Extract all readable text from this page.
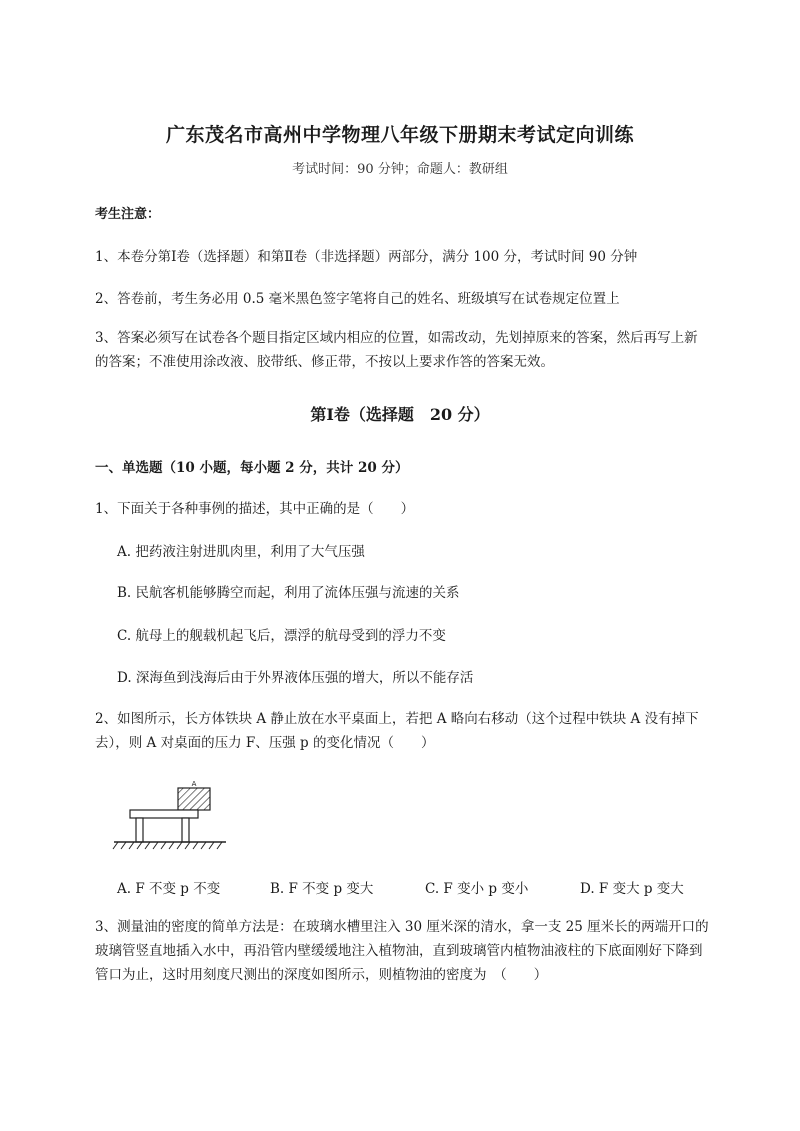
广东茂名市高州中学物理八年级下册期末考试定向训练
考试时间：90 分钟；命题人：教研组
考生注意：
1、本卷分第Ⅰ卷（选择题）和第Ⅱ卷（非选择题）两部分，满分 100 分，考试时间 90 分钟
2、答卷前，考生务必用 0.5 毫米黑色签字笔将自己的姓名、班级填写在试卷规定位置上
3、答案必须写在试卷各个题目指定区域内相应的位置，如需改动，先划掉原来的答案，然后再写上新的答案；不准使用涂改液、胶带纸、修正带，不按以上要求作答的答案无效。
第Ⅰ卷（选择题　20 分）
一、单选题（10 小题，每小题 2 分，共计 20 分）
1、下面关于各种事例的描述，其中正确的是（　　）
A. 把药液注射进肌肉里，利用了大气压强
B. 民航客机能够腾空而起，利用了流体压强与流速的关系
C. 航母上的舰载机起飞后，漂浮的航母受到的浮力不变
D. 深海鱼到浅海后由于外界液体压强的增大，所以不能存活
2、如图所示，长方体铁块 A 静止放在水平桌面上，若把 A 略向右移动（这个过程中铁块 A 没有掉下去），则 A 对桌面的压力 F、压强 p 的变化情况（　　）
A
A. F 不变 p 不变	B. F 不变 p 变大	C. F 变小 p 变小	D. F 变大 p 变大
3、测量油的密度的简单方法是：在玻璃水槽里注入 30 厘米深的清水，拿一支 25 厘米长的两端开口的玻璃管竖直地插入水中，再沿管内壁缓缓地注入植物油，直到玻璃管内植物油液柱的下底面刚好下降到管口为止，这时用刻度尺测出的深度如图所示，则植物油的密度为　（　　）
